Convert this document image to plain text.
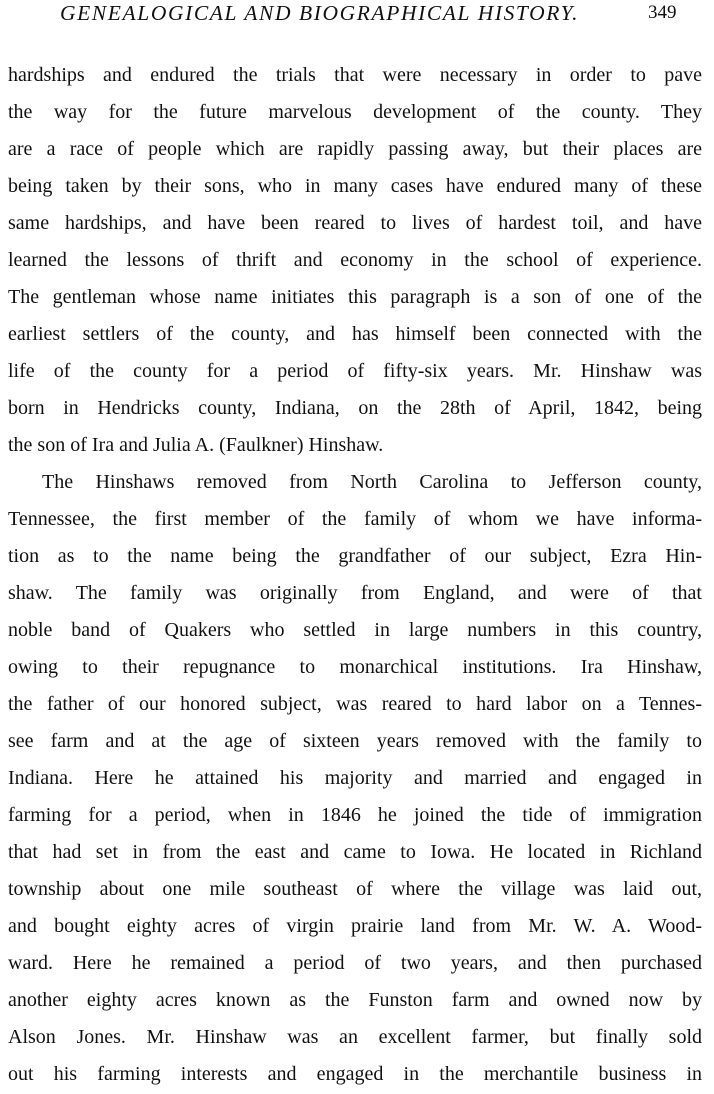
GENEALOGICAL AND BIOGRAPHICAL HISTORY.	349
hardships and endured the trials that were necessary in order to pave
the way for the future marvelous development of the county. They
are a race of people which are rapidly passing away, but their places are
being taken by their sons, who in many cases have endured many of these
same hardships, and have been reared to lives of hardest toil, and have
learned the lessons of thrift and economy in the school of experience.
The gentleman whose name initiates this paragraph is a son of one of the
earliest settlers of the county, and has himself been connected with the
life of the county for a period of fifty-six years. Mr. Hinshaw was
born in Hendricks county, Indiana, on the 28th of April, 1842, being
the son of Ira and Julia A. (Faulkner) Hinshaw.
The Hinshaws removed from North Carolina to Jefferson county,
Tennessee, the first member of the family of whom we have informa-
tion as to the name being the grandfather of our subject, Ezra Hin-
shaw. The family was originally from England, and were of that
noble band of Quakers who settled in large numbers in this country,
owing to their repugnance to monarchical institutions. Ira Hinshaw,
the father of our honored subject, was reared to hard labor on a Tennes-
see farm and at the age of sixteen years removed with the family to
Indiana. Here he attained his majority and married and engaged in
farming for a period, when in 1846 he joined the tide of immigration
that had set in from the east and came to Iowa. He located in Richland
township about one mile southeast of where the village was laid out,
and bought eighty acres of virgin prairie land from Mr. W. A. Wood-
ward. Here he remained a period of two years, and then purchased
another eighty acres known as the Funston farm and owned now by
Alson Jones. Mr. Hinshaw was an excellent farmer, but finally sold
out his farming interests and engaged in the merchantile business in
